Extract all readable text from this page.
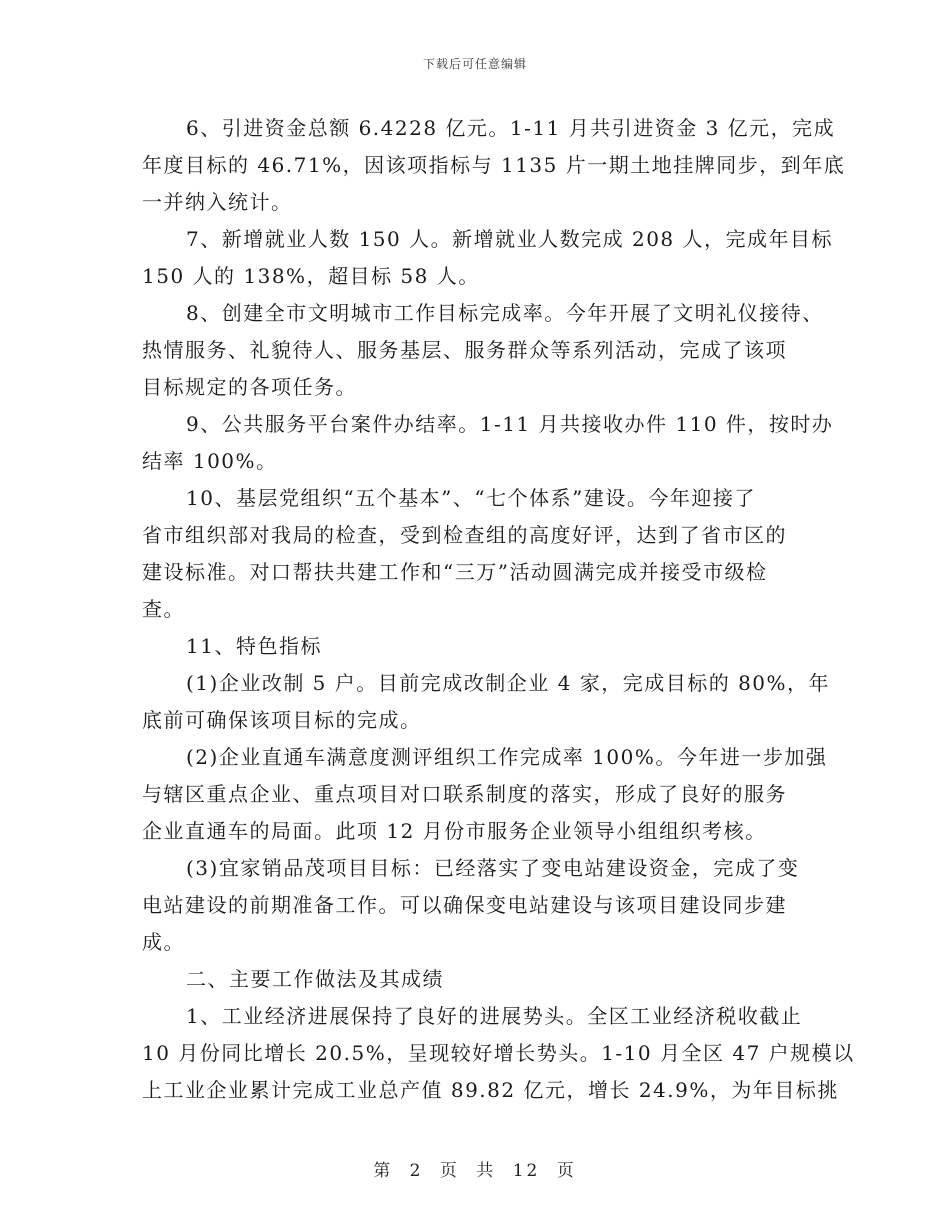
下载后可任意编辑

6、引进资金总额 6.4228 亿元。1-11 月共引进资金 3 亿元，完成
年度目标的 46.71%，因该项指标与 1135 片一期土地挂牌同步，到年底
一并纳入统计。

7、新增就业人数 150 人。新增就业人数完成 208 人，完成年目标
150 人的 138%，超目标 58 人。

8、创建全市文明城市工作目标完成率。今年开展了文明礼仪接待、
热情服务、礼貌待人、服务基层、服务群众等系列活动，完成了该项
目标规定的各项任务。

9、公共服务平台案件办结率。1-11 月共接收办件 110 件，按时办
结率 100%。

10、基层党组织“五个基本”、“七个体系”建设。今年迎接了
省市组织部对我局的检查，受到检查组的高度好评，达到了省市区的
建设标准。对口帮扶共建工作和“三万”活动圆满完成并接受市级检
查。

11、特色指标

(1)企业改制 5 户。目前完成改制企业 4 家，完成目标的 80%，年
底前可确保该项目标的完成。

(2)企业直通车满意度测评组织工作完成率 100%。今年进一步加强
与辖区重点企业、重点项目对口联系制度的落实，形成了良好的服务
企业直通车的局面。此项 12 月份市服务企业领导小组组织考核。

(3)宜家销品茂项目目标：已经落实了变电站建设资金，完成了变
电站建设的前期准备工作。可以确保变电站建设与该项目建设同步建
成。

二、主要工作做法及其成绩

1、工业经济进展保持了良好的进展势头。全区工业经济税收截止
10 月份同比增长 20.5%，呈现较好增长势头。1-10 月全区 47 户规模以
上工业企业累计完成工业总产值 89.82 亿元，增长 24.9%，为年目标挑

第 2 页 共 12 页
